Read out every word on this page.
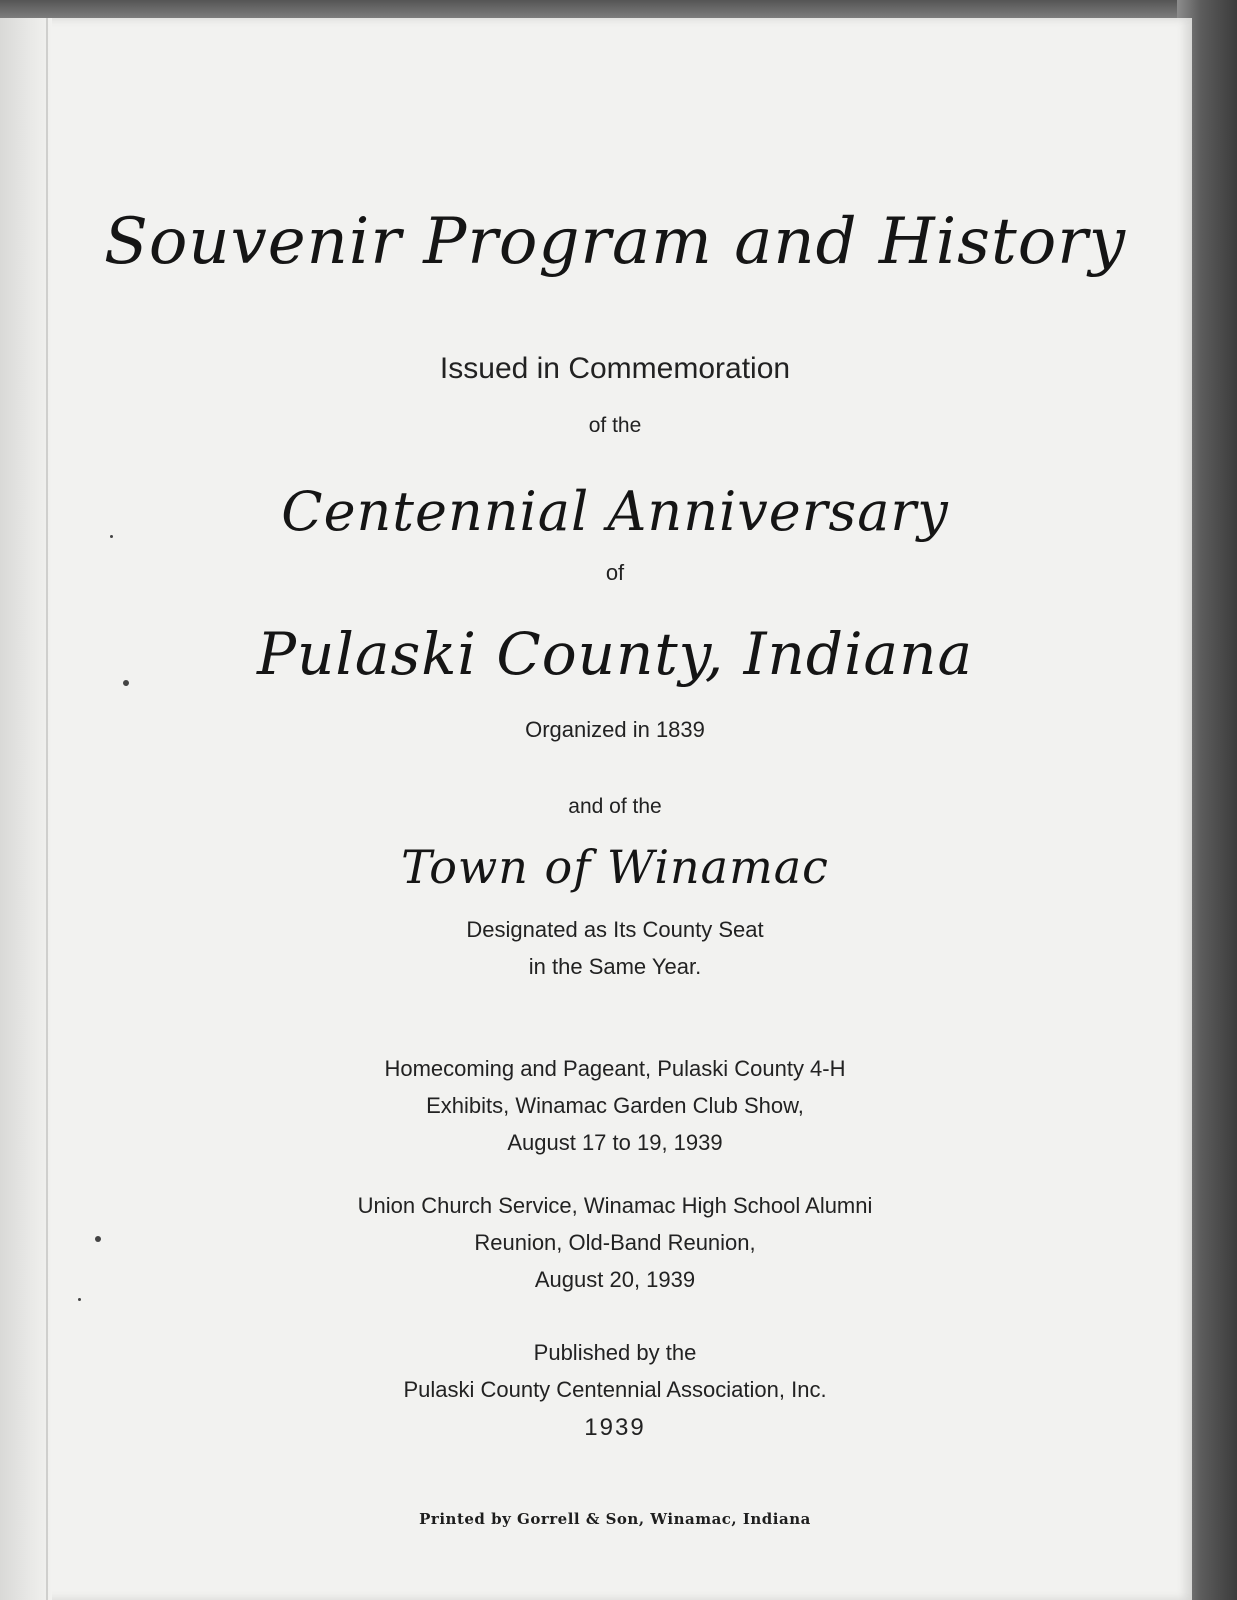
Souvenir Program and History
Issued in Commemoration
of the
Centennial Anniversary
of
Pulaski County, Indiana
Organized in 1839
and of the
Town of Winamac
Designated as Its County Seat
in the Same Year.
Homecoming and Pageant, Pulaski County 4-H
Exhibits, Winamac Garden Club Show,
August 17 to 19, 1939
Union Church Service, Winamac High School Alumni
Reunion, Old-Band Reunion,
August 20, 1939
Published by the
Pulaski County Centennial Association, Inc.
1939
Printed by Gorrell & Son, Winamac, Indiana
